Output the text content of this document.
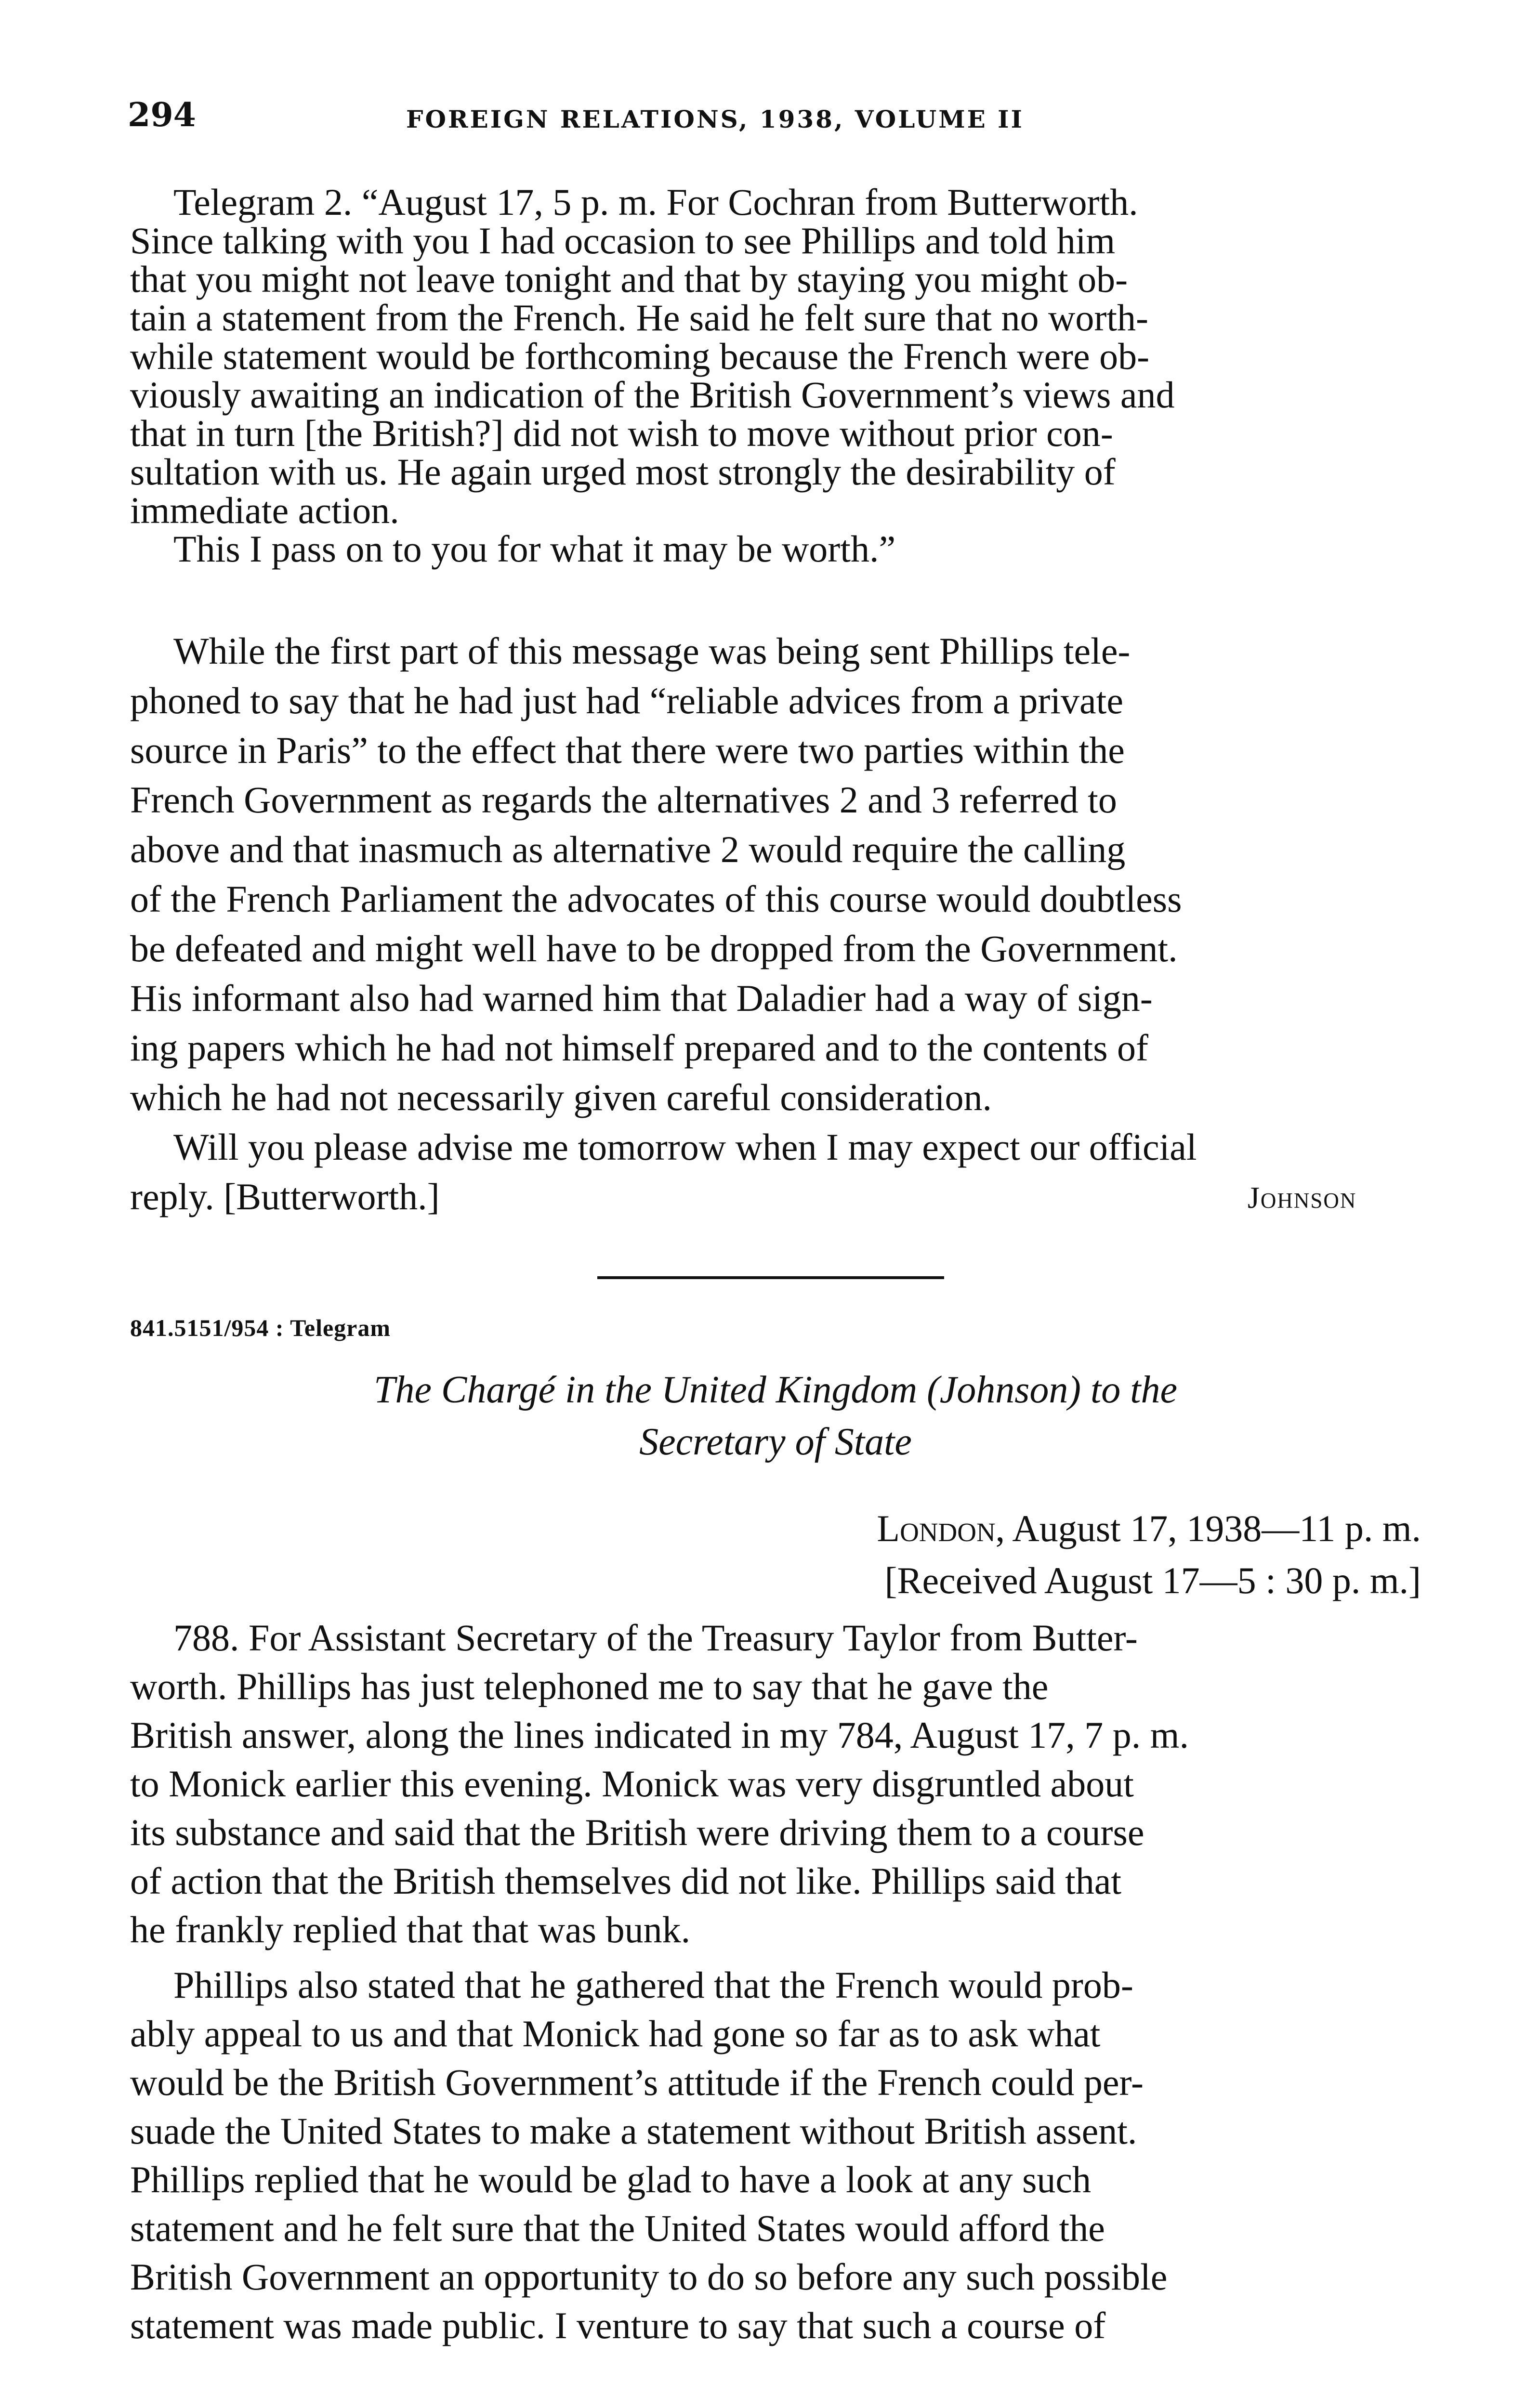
294	FOREIGN RELATIONS, 1938, VOLUME II
Telegram 2. “August 17, 5 p. m. For Cochran from Butterworth.
Since talking with you I had occasion to see Phillips and told him
that you might not leave tonight and that by staying you might ob-
tain a statement from the French. He said he felt sure that no worth-
while statement would be forthcoming because the French were ob-
viously awaiting an indication of the British Government’s views and
that in turn [the British?] did not wish to move without prior con-
sultation with us. He again urged most strongly the desirability of
immediate action.
This I pass on to you for what it may be worth.”
While the first part of this message was being sent Phillips tele-
phoned to say that he had just had “reliable advices from a private
source in Paris” to the effect that there were two parties within the
French Government as regards the alternatives 2 and 3 referred to
above and that inasmuch as alternative 2 would require the calling
of the French Parliament the advocates of this course would doubtless
be defeated and might well have to be dropped from the Government.
His informant also had warned him that Daladier had a way of sign-
ing papers which he had not himself prepared and to the contents of
which he had not necessarily given careful consideration.
Will you please advise me tomorrow when I may expect our official
reply. [Butterworth.]	Johnson
841.5151/954 : Telegram
The Chargé in the United Kingdom (Johnson) to the
Secretary of State
London, August 17, 1938—11 p. m.
[Received August 17—5 : 30 p. m.]
788. For Assistant Secretary of the Treasury Taylor from Butter-
worth. Phillips has just telephoned me to say that he gave the
British answer, along the lines indicated in my 784, August 17, 7 p. m.
to Monick earlier this evening. Monick was very disgruntled about
its substance and said that the British were driving them to a course
of action that the British themselves did not like. Phillips said that
he frankly replied that that was bunk.
Phillips also stated that he gathered that the French would prob-
ably appeal to us and that Monick had gone so far as to ask what
would be the British Government’s attitude if the French could per-
suade the United States to make a statement without British assent.
Phillips replied that he would be glad to have a look at any such
statement and he felt sure that the United States would afford the
British Government an opportunity to do so before any such possible
statement was made public. I venture to say that such a course of
